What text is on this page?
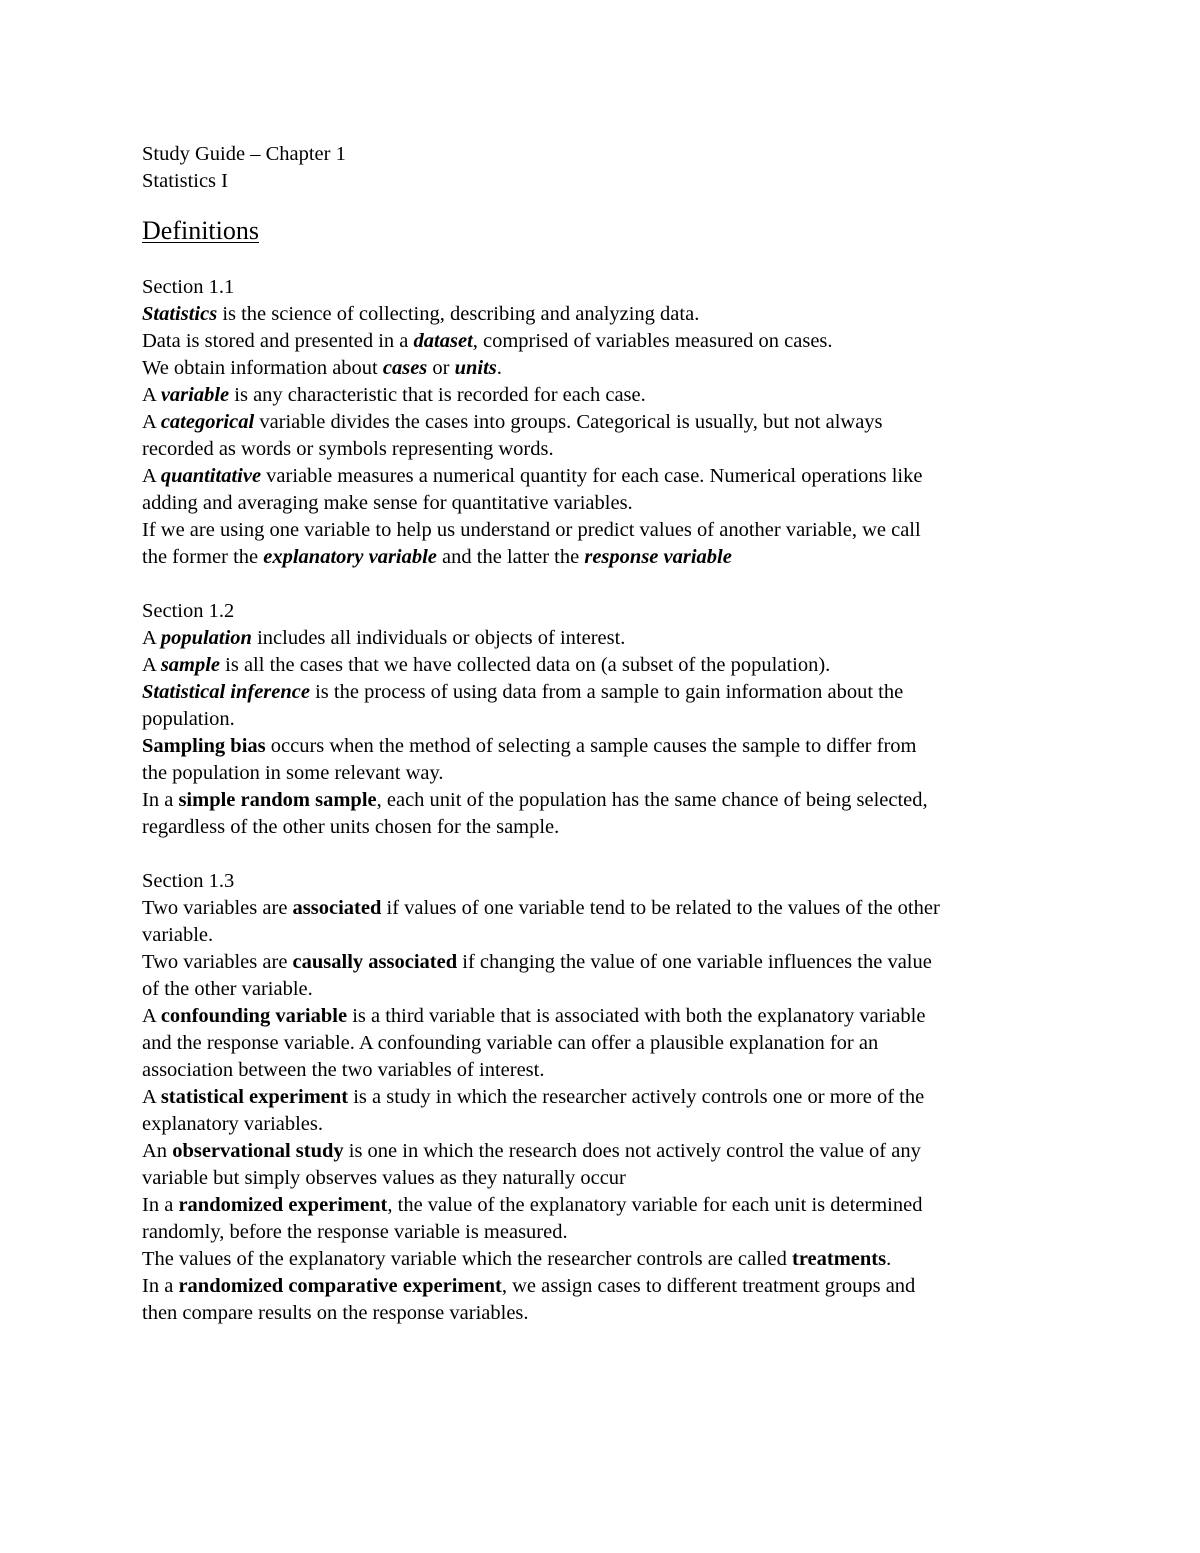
Study Guide – Chapter 1
Statistics I
Definitions
Section 1.1
Statistics is the science of collecting, describing and analyzing data.
Data is stored and presented in a dataset, comprised of variables measured on cases.
We obtain information about cases or units.
A variable is any characteristic that is recorded for each case.
A categorical variable divides the cases into groups. Categorical is usually, but not always
recorded as words or symbols representing words.
A quantitative variable measures a numerical quantity for each case. Numerical operations like
adding and averaging make sense for quantitative variables.
If we are using one variable to help us understand or predict values of another variable, we call
the former the explanatory variable and the latter the response variable
Section 1.2
A population includes all individuals or objects of interest.
A sample is all the cases that we have collected data on (a subset of the population).
Statistical inference is the process of using data from a sample to gain information about the
population.
Sampling bias occurs when the method of selecting a sample causes the sample to differ from
the population in some relevant way.
In a simple random sample, each unit of the population has the same chance of being selected,
regardless of the other units chosen for the sample.
Section 1.3
Two variables are associated if values of one variable tend to be related to the values of the other
variable.
Two variables are causally associated if changing the value of one variable influences the value
of the other variable.
A confounding variable is a third variable that is associated with both the explanatory variable
and the response variable. A confounding variable can offer a plausible explanation for an
association between the two variables of interest.
A statistical experiment is a study in which the researcher actively controls one or more of the
explanatory variables.
An observational study is one in which the research does not actively control the value of any
variable but simply observes values as they naturally occur
In a randomized experiment, the value of the explanatory variable for each unit is determined
randomly, before the response variable is measured.
The values of the explanatory variable which the researcher controls are called treatments.
In a randomized comparative experiment, we assign cases to different treatment groups and
then compare results on the response variables.
